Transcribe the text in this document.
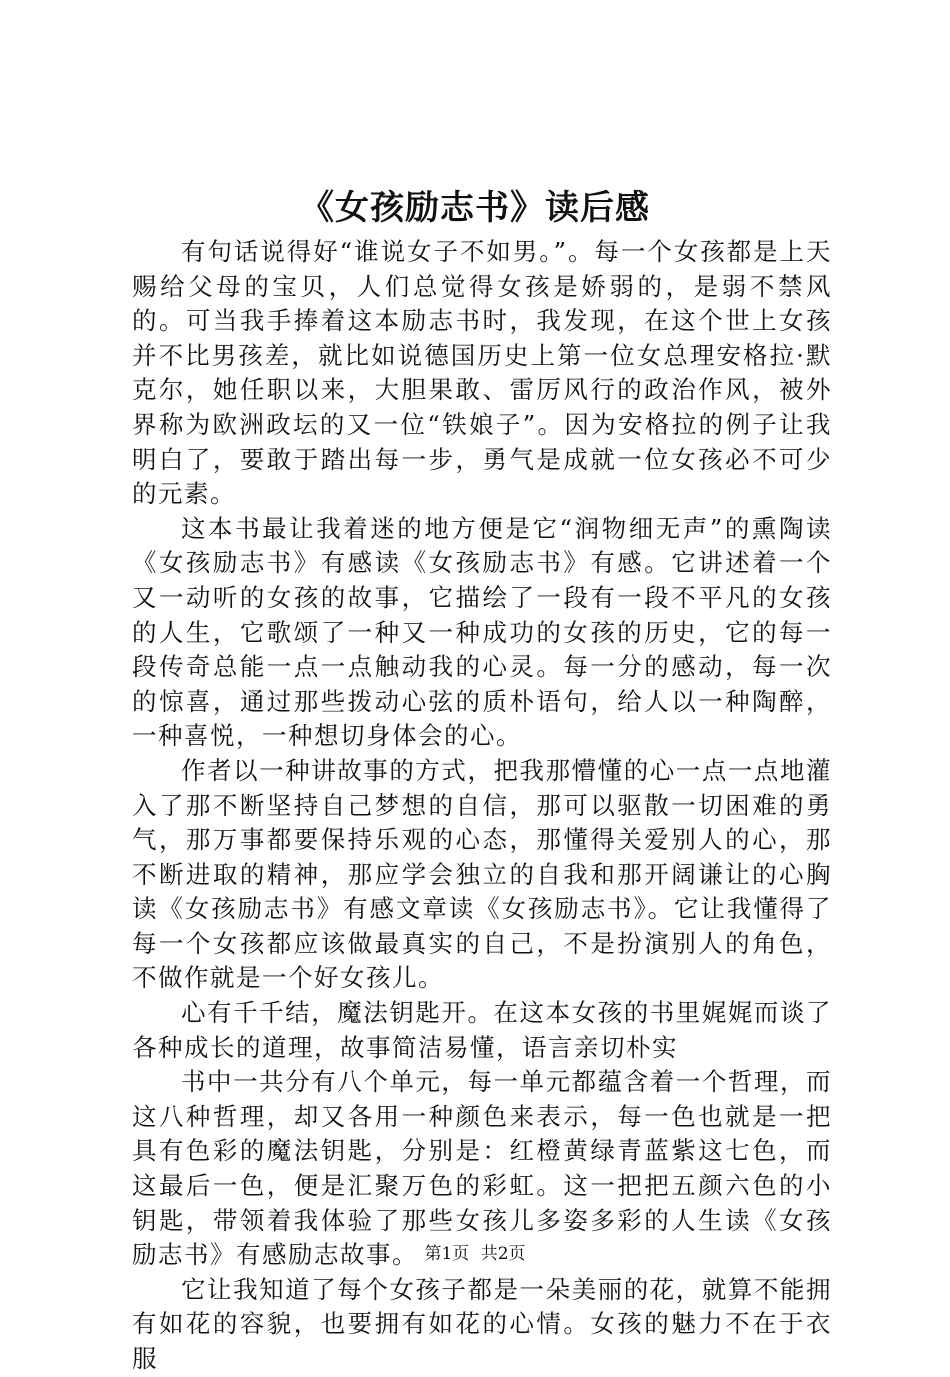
《女孩励志书》读后感

有句话说得好“谁说女子不如男。”。每一个女孩都是上天赐给父母的宝贝，人们总觉得女孩是娇弱的，是弱不禁风的。可当我手捧着这本励志书时，我发现，在这个世上女孩并不比男孩差，就比如说德国历史上第一位女总理安格拉·默克尔，她任职以来，大胆果敢、雷厉风行的政治作风，被外界称为欧洲政坛的又一位“铁娘子”。因为安格拉的例子让我明白了，要敢于踏出每一步，勇气是成就一位女孩必不可少的元素。

这本书最让我着迷的地方便是它“润物细无声”的熏陶读《女孩励志书》有感读《女孩励志书》有感。它讲述着一个又一动听的女孩的故事，它描绘了一段有一段不平凡的女孩的人生，它歌颂了一种又一种成功的女孩的历史，它的每一段传奇总能一点一点触动我的心灵。每一分的感动，每一次的惊喜，通过那些拨动心弦的质朴语句，给人以一种陶醉，一种喜悦，一种想切身体会的心。

作者以一种讲故事的方式，把我那懵懂的心一点一点地灌入了那不断坚持自己梦想的自信，那可以驱散一切困难的勇气，那万事都要保持乐观的心态，那懂得关爱别人的心，那不断进取的精神，那应学会独立的自我和那开阔谦让的心胸读《女孩励志书》有感文章读《女孩励志书》。它让我懂得了每一个女孩都应该做最真实的自己，不是扮演别人的角色，不做作就是一个好女孩儿。

心有千千结，魔法钥匙开。在这本女孩的书里娓娓而谈了各种成长的道理，故事简洁易懂，语言亲切朴实

书中一共分有八个单元，每一单元都蕴含着一个哲理，而这八种哲理，却又各用一种颜色来表示，每一色也就是一把具有色彩的魔法钥匙，分别是：红橙黄绿青蓝紫这七色，而这最后一色，便是汇聚万色的彩虹。这一把把五颜六色的小钥匙，带领着我体验了那些女孩儿多姿多彩的人生读《女孩励志书》有感励志故事。

它让我知道了每个女孩子都是一朵美丽的花，就算不能拥有如花的容貌，也要拥有如花的心情。女孩的魅力不在于衣服

第1页 共2页
